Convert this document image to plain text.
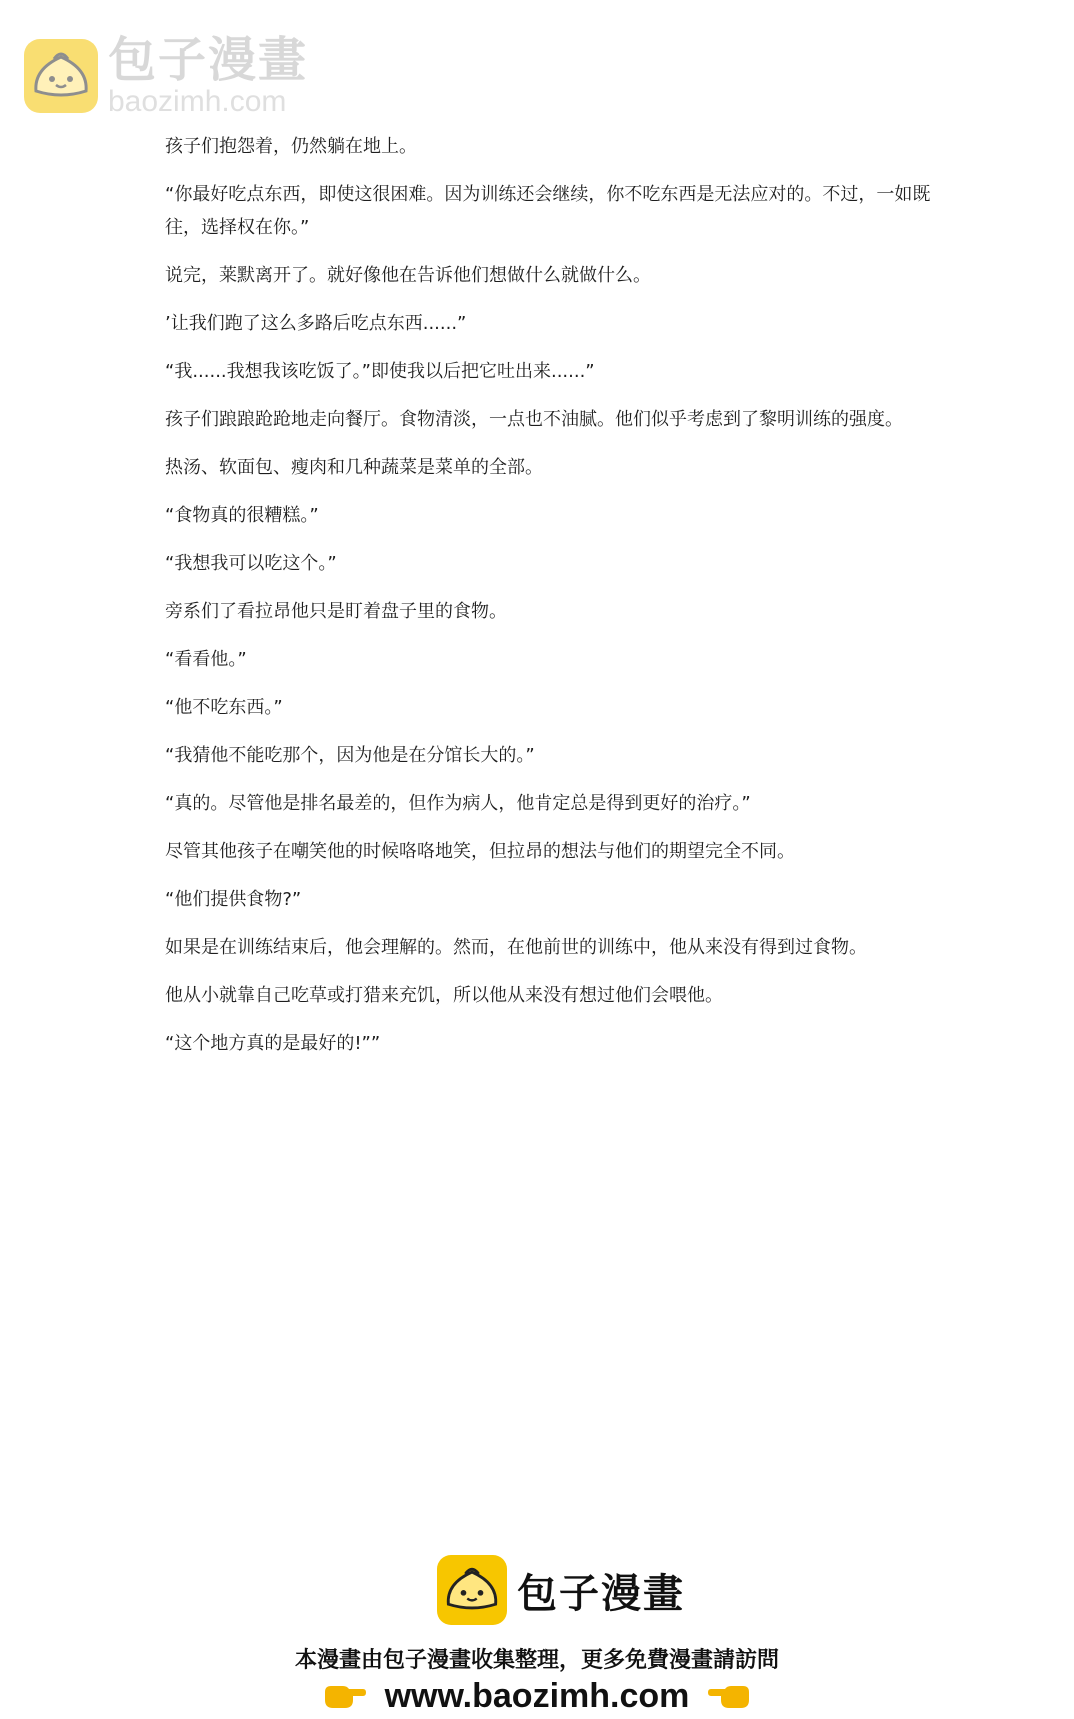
包子漫畫
baozimh.com

孩子们抱怨着，仍然躺在地上。

“你最好吃点东西，即使这很困难。因为训练还会继续，你不吃东西是无法应对的。不过，一如既往，选择权在你。”

说完，莱默离开了。就好像他在告诉他们想做什么就做什么。

’让我们跑了这么多路后吃点东西......”

“我......我想我该吃饭了。”即使我以后把它吐出来......”

孩子们踉踉跄跄地走向餐厅。食物清淡，一点也不油腻。他们似乎考虑到了黎明训练的强度。

热汤、软面包、瘦肉和几种蔬菜是菜单的全部。

“食物真的很糟糕。”

“我想我可以吃这个。”

旁系们了看拉昂他只是盯着盘子里的食物。

“看看他。”

“他不吃东西。”

“我猜他不能吃那个，因为他是在分馆长大的。”

“真的。尽管他是排名最差的，但作为病人，他肯定总是得到更好的治疗。”

尽管其他孩子在嘲笑他的时候咯咯地笑，但拉昂的想法与他们的期望完全不同。

“他们提供食物?”

如果是在训练结束后，他会理解的。然而，在他前世的训练中，他从来没有得到过食物。

他从小就靠自己吃草或打猎来充饥，所以他从来没有想过他们会喂他。

“这个地方真的是最好的!””

包子漫畫
本漫畫由包子漫畫收集整理，更多免費漫畫請訪問
www.baozimh.com
